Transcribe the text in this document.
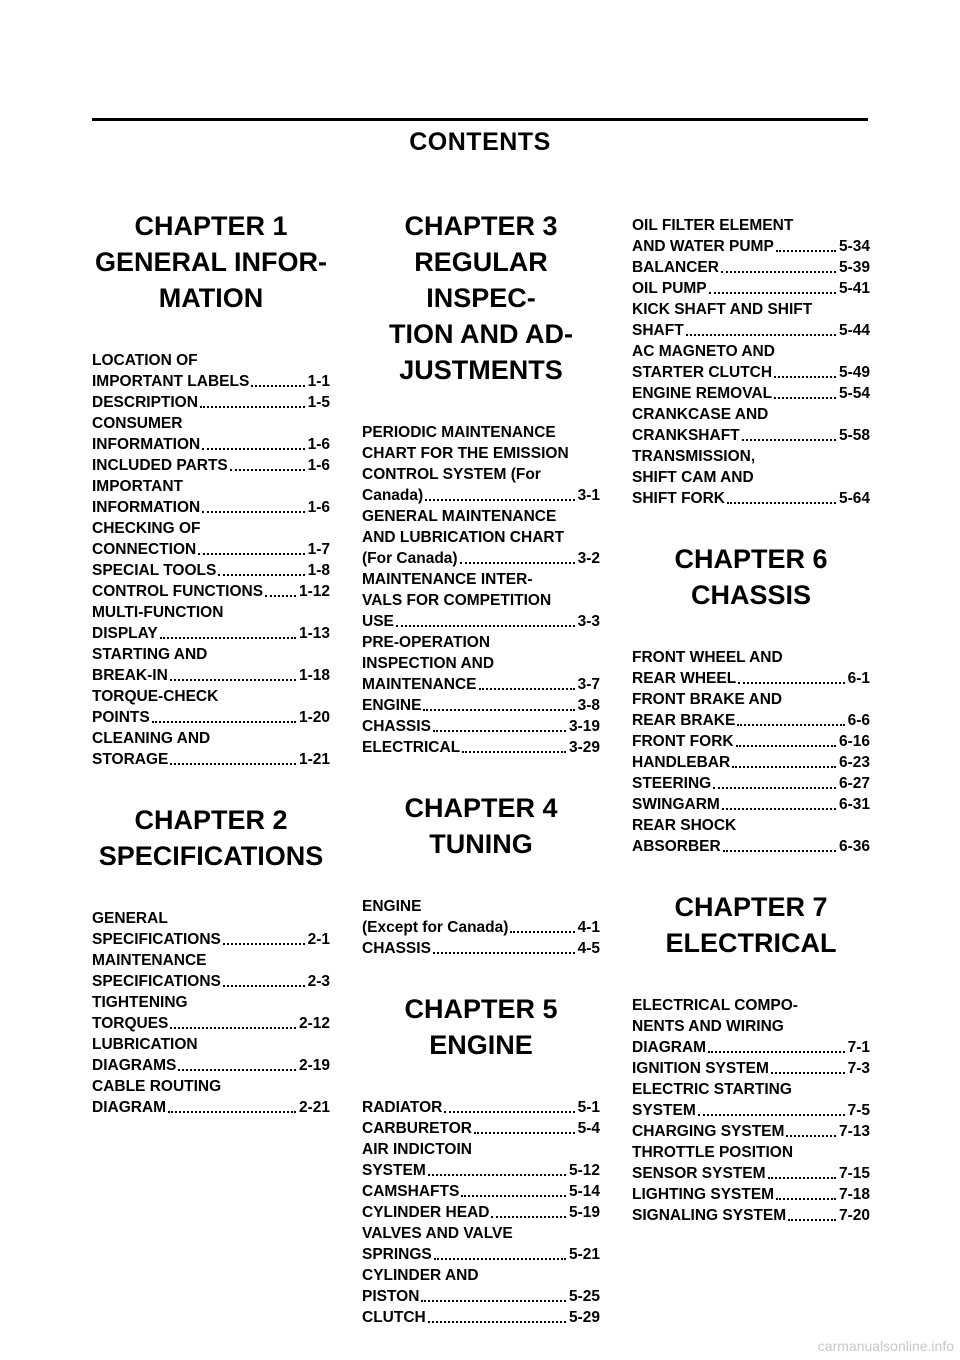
CONTENTS
CHAPTER 1
GENERAL INFOR-
MATION
LOCATION OF
IMPORTANT LABELS	1-1
DESCRIPTION	1-5
CONSUMER
INFORMATION	1-6
INCLUDED PARTS	1-6
IMPORTANT
INFORMATION	1-6
CHECKING OF
CONNECTION	1-7
SPECIAL TOOLS	1-8
CONTROL FUNCTIONS 1-12
MULTI-FUNCTION
DISPLAY	1-13
STARTING AND
BREAK-IN	1-18
TORQUE-CHECK
POINTS	1-20
CLEANING AND
STORAGE	1-21
CHAPTER 2
SPECIFICATIONS
GENERAL
SPECIFICATIONS	2-1
MAINTENANCE
SPECIFICATIONS	2-3
TIGHTENING
TORQUES	2-12
LUBRICATION
DIAGRAMS	2-19
CABLE ROUTING
DIAGRAM	2-21
CHAPTER 3
REGULAR INSPEC-
TION AND AD-
JUSTMENTS
PERIODIC MAINTENANCE
CHART FOR THE EMISSION
CONTROL SYSTEM (For
Canada)	3-1
GENERAL MAINTENANCE
AND LUBRICATION CHART
(For Canada)	3-2
MAINTENANCE INTER-
VALS FOR COMPETITION
USE	3-3
PRE-OPERATION
INSPECTION AND
MAINTENANCE	3-7
ENGINE	3-8
CHASSIS	3-19
ELECTRICAL	3-29
CHAPTER 4
TUNING
ENGINE
(Except for Canada)	4-1
CHASSIS	4-5
CHAPTER 5
ENGINE
RADIATOR	5-1
CARBURETOR	5-4
AIR INDICTOIN
SYSTEM	5-12
CAMSHAFTS	5-14
CYLINDER HEAD	5-19
VALVES AND VALVE
SPRINGS	5-21
CYLINDER AND
PISTON	5-25
CLUTCH	5-29
OIL FILTER ELEMENT
AND WATER PUMP	5-34
BALANCER	5-39
OIL PUMP	5-41
KICK SHAFT AND SHIFT
SHAFT	5-44
AC MAGNETO AND
STARTER CLUTCH	5-49
ENGINE REMOVAL	5-54
CRANKCASE AND
CRANKSHAFT	5-58
TRANSMISSION,
SHIFT CAM AND
SHIFT FORK	5-64
CHAPTER 6
CHASSIS
FRONT WHEEL AND
REAR WHEEL	6-1
FRONT BRAKE AND
REAR BRAKE	6-6
FRONT FORK	6-16
HANDLEBAR	6-23
STEERING	6-27
SWINGARM	6-31
REAR SHOCK
ABSORBER	6-36
CHAPTER 7
ELECTRICAL
ELECTRICAL COMPO-
NENTS AND WIRING
DIAGRAM	7-1
IGNITION SYSTEM	7-3
ELECTRIC STARTING
SYSTEM	7-5
CHARGING SYSTEM	7-13
THROTTLE POSITION
SENSOR SYSTEM	7-15
LIGHTING SYSTEM	7-18
SIGNALING SYSTEM	7-20
carmanualsonline.info
